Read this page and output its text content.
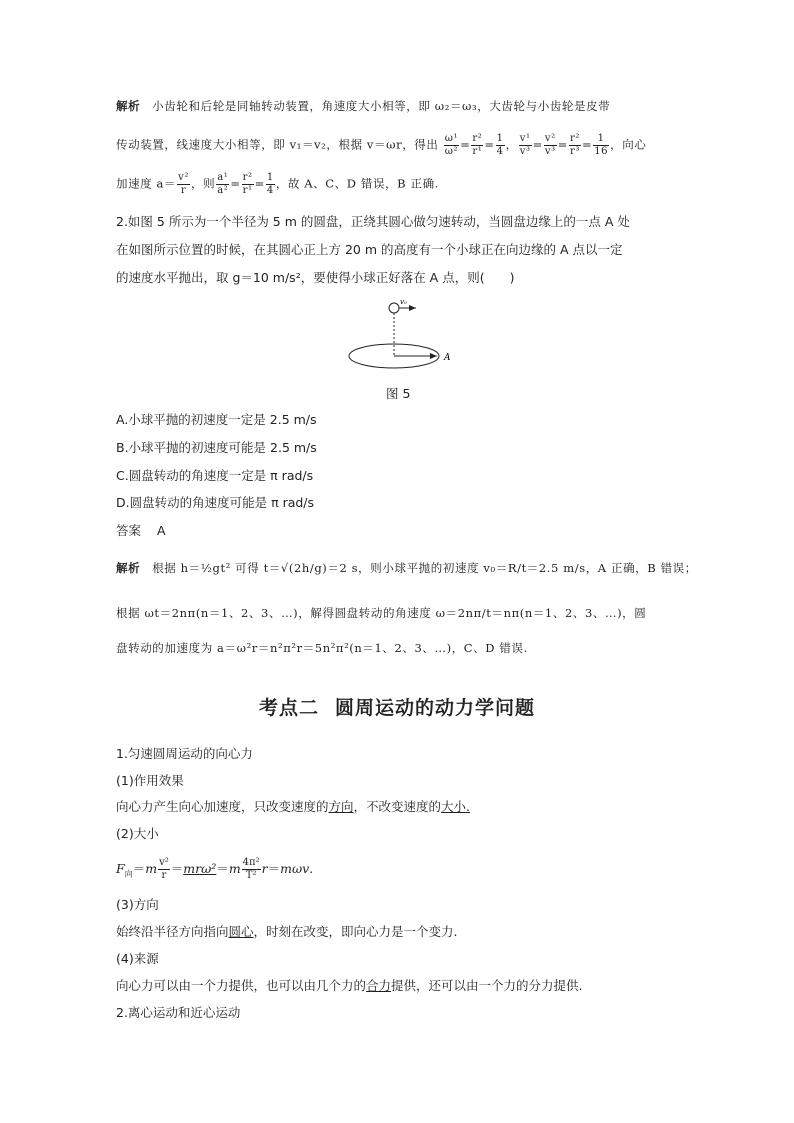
解析 小齿轮和后轮是同轴转动装置，角速度大小相等，即 ω₂＝ω₃，大齿轮与小齿轮是皮带
传动装置，线速度大小相等，即 v₁＝v₂，根据 v＝ωr，得出 $\frac{\text{ω¹}}{\text{ω²}} = \frac{\text{r²}}{\text{r¹}} = \frac{1}{4}$ ， $\frac{\text{v¹}}{\text{v³}} = \frac{\text{v²}}{\text{v³}} = \frac{\text{r²}}{\text{r³}} = \frac{1}{16}$ ，向心
加速度 $a= \frac{\text{v²}}{r}$ ，则 $\frac{\text{a¹}}{\text{a²}} = \frac{\text{r²}}{\text{r¹}} = \frac{1}{4}$ ，故 A、C、D 错误，B 正确.
2.如图 5 所示为一个半径为 5 m 的圆盘，正绕其圆心做匀速转动，当圆盘边缘上的一点 A 处
在如图所示位置的时候，在其圆心正上方 20 m 的高度有一个小球正在向边缘的 A 点以一定
的速度水平抛出，取 g＝10 m/s²，要使得小球正好落在 A 点，则(　　)
v₀
A
图 5
A.小球平抛的初速度一定是 2.5 m/s
B.小球平抛的初速度可能是 2.5 m/s
C.圆盘转动的角速度一定是 π rad/s
D.圆盘转动的角速度可能是 π rad/s
答案 A
解析 根据 h＝½gt² 可得 t＝√(2h/g)＝2 s，则小球平抛的初速度 v₀＝R/t＝2.5 m/s，A 正确，B 错误；
根据 ωt＝2nπ(n＝1、2、3、…)，解得圆盘转动的角速度 ω＝2nπ/t＝nπ(n＝1、2、3、…)，圆
盘转动的加速度为 a＝ω²r＝n²π²r＝5n²π²(n＝1、2、3、…)，C、D 错误.
考点二 圆周运动的动力学问题
1.匀速圆周运动的向心力
(1)作用效果
向心力产生向心加速度，只改变速度的方向，不改变速度的大小.
(2)大小
$F_向=m \frac{\text{v²}}{r} =mr\omega^2=m \frac{\text{4π²}}{\text{T²}} r=m\omega v$.
(3)方向
始终沿半径方向指向圆心，时刻在改变，即向心力是一个变力.
(4)来源
向心力可以由一个力提供，也可以由几个力的合力提供，还可以由一个力的分力提供.
2.离心运动和近心运动
